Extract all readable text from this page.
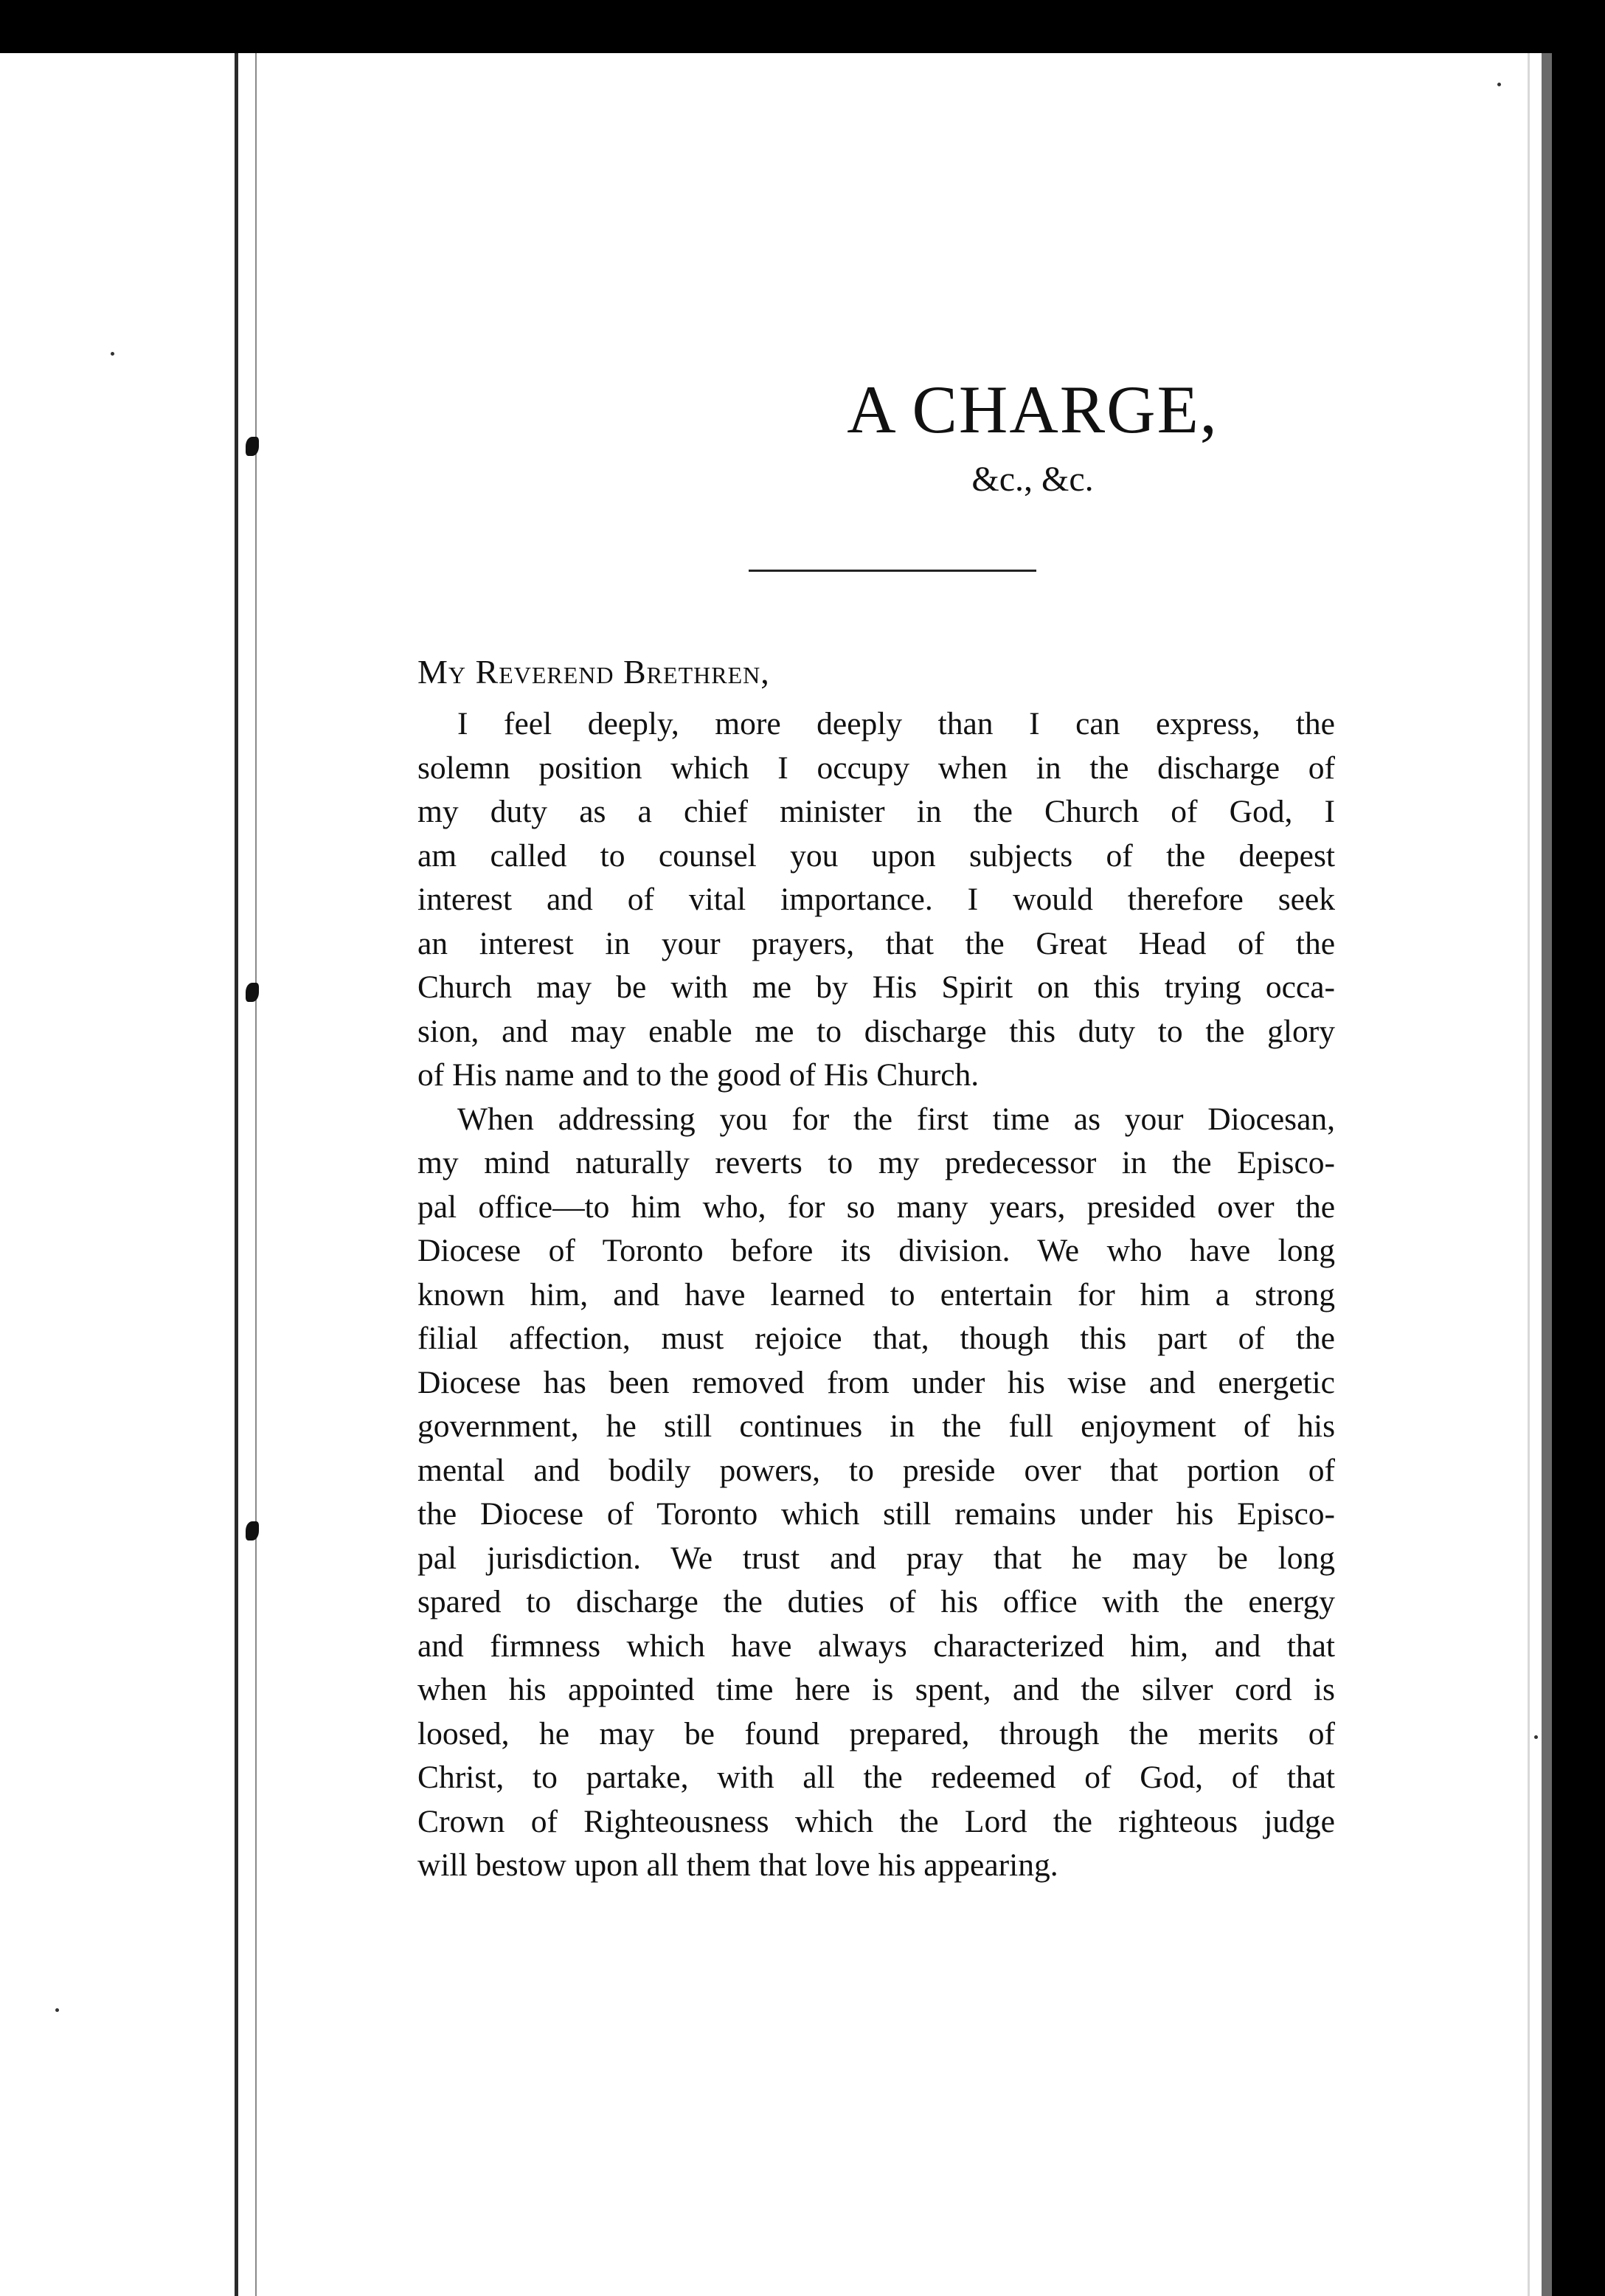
A CHARGE,
&c., &c.
My Reverend Brethren,
I feel deeply, more deeply than I can express, the
solemn position which I occupy when in the discharge of
my duty as a chief minister in the Church of God, I
am called to counsel you upon subjects of the deepest
interest and of vital importance. I would therefore seek
an interest in your prayers, that the Great Head of the
Church may be with me by His Spirit on this trying occa-
sion, and may enable me to discharge this duty to the glory
of His name and to the good of His Church.
When addressing you for the first time as your Diocesan,
my mind naturally reverts to my predecessor in the Episco-
pal office—to him who, for so many years, presided over the
Diocese of Toronto before its division. We who have long
known him, and have learned to entertain for him a strong
filial affection, must rejoice that, though this part of the
Diocese has been removed from under his wise and energetic
government, he still continues in the full enjoyment of his
mental and bodily powers, to preside over that portion of
the Diocese of Toronto which still remains under his Episco-
pal jurisdiction. We trust and pray that he may be long
spared to discharge the duties of his office with the energy
and firmness which have always characterized him, and that
when his appointed time here is spent, and the silver cord is
loosed, he may be found prepared, through the merits of
Christ, to partake, with all the redeemed of God, of that
Crown of Righteousness which the Lord the righteous judge
will bestow upon all them that love his appearing.
